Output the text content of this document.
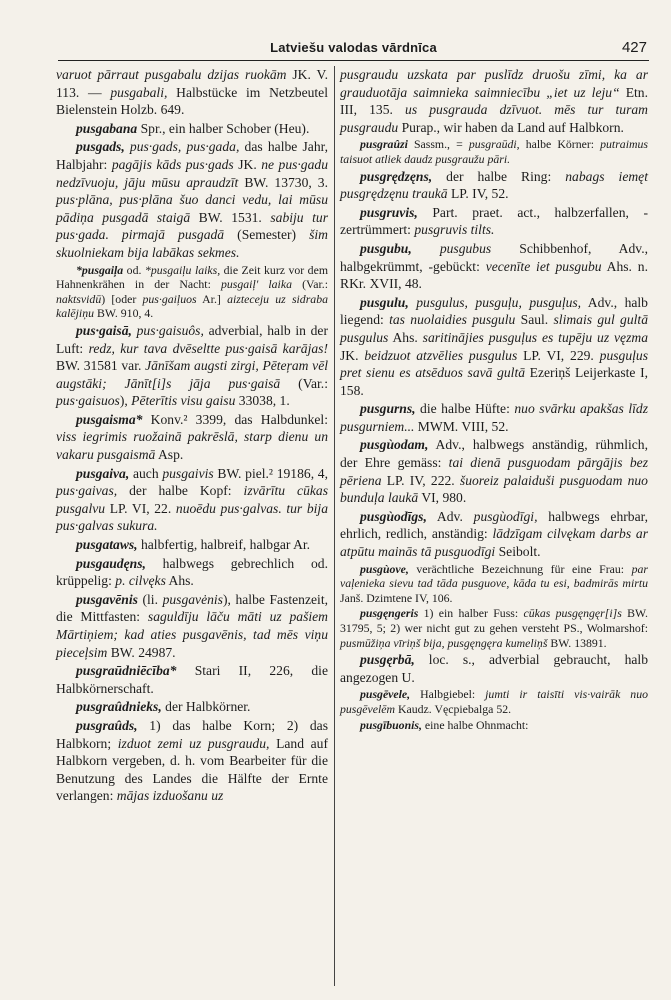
Latviešu valodas vārdnīca	427

varuot pārraut pusgabalu dzijas ruokām JK. V. 113. — pusgabali, Halbstücke im Netzbeutel Bielenstein Holzb. 649.

pusgabana Spr., ein halber Schober (Heu).

pusgads, pus·gads, pus·gada, das halbe Jahr, Halbjahr: pagājis kāds pus·gads JK. ne pus·gadu nedzīvuoju, jāju mūsu apraudzīt BW. 13730, 3. pus·plāna, pus·plāna šuo danci vedu, lai mūsu pādiņa pusgadā staigā BW. 1531. sabiju tur pus·gada. pirmajā pusgadā (Semester) šim skuolniekam bija labākas sekmes.

*pusgaiļa od. *pusgaiļu laiks, die Zeit kurz vor dem Hahnenkrähen in der Nacht: pusgaiļ' laika (Var.: naktsvidū) [oder pus·gaiļuos Ar.] aizteceju uz sidraba kalējiņu BW. 910, 4.

pus·gaisā, pus·gaisuôs, adverbial, halb in der Luft: redz, kur tava dvēseltte pus·gaisā karājas! BW. 31581 var. Jānīšam augsti zirgi, Pēteŗam vēl augstāki; Jānīt[i]s jāja pus·gaisā (Var.: pus·gaisuos), Pēterītis visu gaisu 33038, 1.

pusgaisma* Konv.² 3399, das Halbdunkel: viss iegrimis ruožainā pakrēslā, starp dienu un vakaru pusgaismā Asp.

pusgaiva, auch pusgaivis BW. piel.² 19186, 4, pus·gaivas, der halbe Kopf: izvārītu cūkas pusgalvu LP. VI, 22. nuoēdu pus·galvas. tur bija pus·galvas sukura.

pusgataws, halbfertig, halbreif, halbgar Ar.

pusgaudęns, halbwegs gebrechlich od. krüppelig: p. cilvęks Ahs.

pusgavēnis (li. pusgavėnis), halbe Fastenzeit, die Mittfasten: saguldīju lāču māti uz pašiem Mārtiņiem; kad aties pusgavēnis, tad mēs viņu pieceļsim BW. 24987.

pusgraūdniēcība* Stari II, 226, die Halbkörnerschaft.

pusgraûdnieks, der Halbkörner.

pusgraûds, 1) das halbe Korn; 2) das Halbkorn; izduot zemi uz pusgraudu, Land auf Halbkorn vergeben, d. h. vom Bearbeiter für die Benutzung des Landes die Hälfte der Ernte verlangen: mājas izduošanu uz

pusgraudu uzskata par puslīdz druošu zīmi, ka ar grauduotāja saimnieka saimniecību „iet uz leju“ Etn. III, 135. us pusgrauda dzīvuot. mēs tur turam pusgraudu Purap., wir haben da Land auf Halbkorn.

pusgraûzi Sassm., = pusgraūdi, halbe Körner: putraimus taisuot atliek daudz pusgraužu pāri.

pusgrędzęns, der halbe Ring: nabags iemęt pusgrędzęnu traukā LP. IV, 52.

pusgruvis, Part. praet. act., halbzerfallen, -zertrümmert: pusgruvis tilts.

pusgubu, pusgubus Schibbenhof, Adv., halbgekrümmt, -gebückt: vecenīte iet pusgubu Ahs. n. RKr. XVII, 48.

pusgulu, pusgulus, pusguļu, pusguļus, Adv., halb liegend: tas nuolaidies pusgulu Saul. slimais gul gultā pusgulus Ahs. saritinājies pusguļus es tupēju uz vęzma JK. beidzuot atzvēlies pusgulus LP. VI, 229. pusguļus pret sienu es atsēduos savā gultā Ezeriņš Leijerkaste I, 158.

pusgurns, die halbe Hüfte: nuo svārku apakšas līdz pusgurniem... MWM. VIII, 52.

pusgùodam, Adv., halbwegs anständig, rühmlich, der Ehre gemäss: tai dienā pusguodam pārgājis bez pēriena LP. IV, 222. šuoreiz palaiduši pusguodam nuo bunduļa laukā VI, 980.

pusgùodīgs, Adv. pusgùodīgi, halbwegs ehrbar, ehrlich, redlich, anständig: lādzīgam cilvękam darbs ar atpūtu mainās tā pusguodīgi Seibolt.

pusgùove, verächtliche Bezeichnung für eine Frau: par vaļenieka sievu tad tāda pusguove, kāda tu esi, badmirās mirtu Janš. Dzimtene IV, 106.

pusgęngeris 1) ein halber Fuss: cūkas pusgęngęr[i]s BW. 31795, 5; 2) wer nicht gut zu gehen versteht PS., Wolmarshof: pusmūžiņa vīriņš bija, pusgęngęra kumeliņš BW. 13891.

pusgęrbā, loc. s., adverbial gebraucht, halb angezogen U.

pusgēvele, Halbgiebel: jumti ir taisīti vis·vairāk nuo pusgēvelēm Kaudz. Vęcpiebalga 52.

pusgībuonis, eine halbe Ohnmacht:
